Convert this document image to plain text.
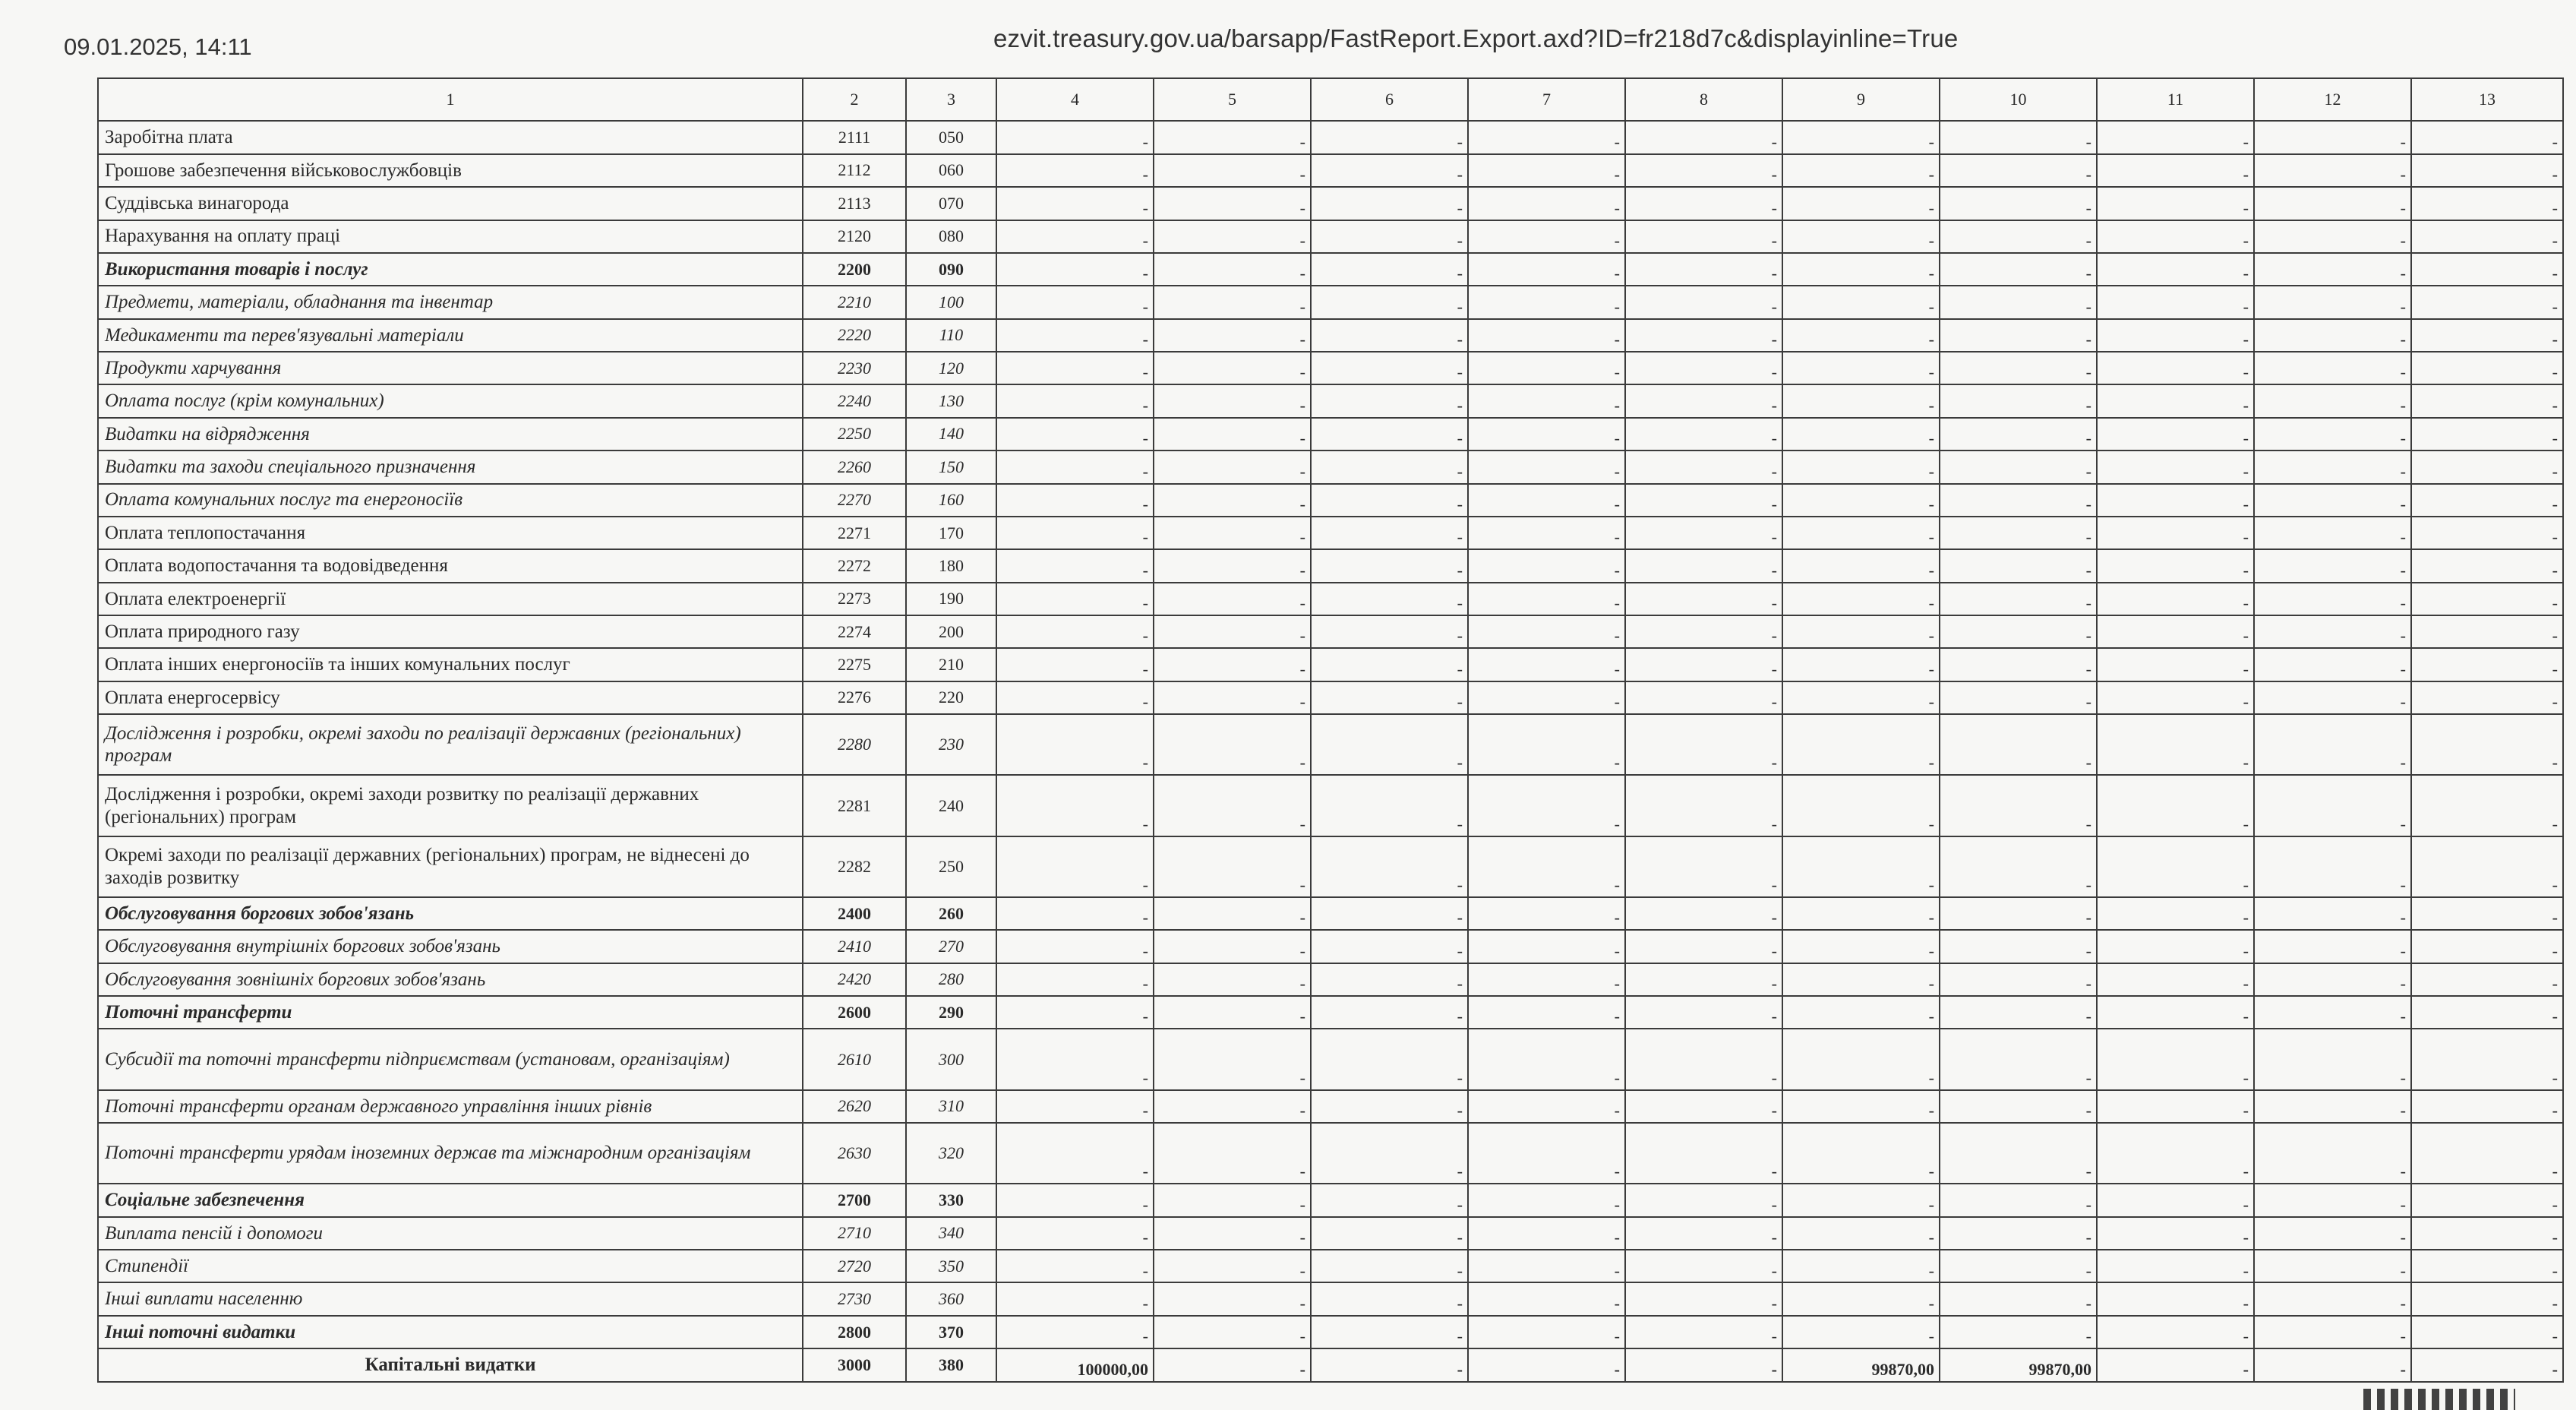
09.01.2025, 14:11	ezvit.treasury.gov.ua/barsapp/FastReport.Export.axd?ID=fr218d7c&displayinline=True
1	2	3	4	5	6	7	8	9	10	11	12	13
Заробітна плата	2111	050	-	-	-	-	-	-	-	-	-	-
Грошове забезпечення військовослужбовців	2112	060	-	-	-	-	-	-	-	-	-	-
Суддівська винагорода	2113	070	-	-	-	-	-	-	-	-	-	-
Нарахування на оплату праці	2120	080	-	-	-	-	-	-	-	-	-	-
Використання товарів і послуг	2200	090	-	-	-	-	-	-	-	-	-	-
Предмети, матеріали, обладнання та інвентар	2210	100	-	-	-	-	-	-	-	-	-	-
Медикаменти та перев'язувальні матеріали	2220	110	-	-	-	-	-	-	-	-	-	-
Продукти харчування	2230	120	-	-	-	-	-	-	-	-	-	-
Оплата послуг (крім комунальних)	2240	130	-	-	-	-	-	-	-	-	-	-
Видатки на відрядження	2250	140	-	-	-	-	-	-	-	-	-	-
Видатки та заходи спеціального призначення	2260	150	-	-	-	-	-	-	-	-	-	-
Оплата комунальних послуг та енергоносіїв	2270	160	-	-	-	-	-	-	-	-	-	-
Оплата теплопостачання	2271	170	-	-	-	-	-	-	-	-	-	-
Оплата водопостачання та водовідведення	2272	180	-	-	-	-	-	-	-	-	-	-
Оплата електроенергії	2273	190	-	-	-	-	-	-	-	-	-	-
Оплата природного газу	2274	200	-	-	-	-	-	-	-	-	-	-
Оплата інших енергоносіїв та інших комунальних послуг	2275	210	-	-	-	-	-	-	-	-	-	-
Оплата енергосервісу	2276	220	-	-	-	-	-	-	-	-	-	-
Дослідження і розробки, окремі заходи по реалізації державних (регіональних) програм	2280	230	-	-	-	-	-	-	-	-	-	-
Дослідження і розробки, окремі заходи розвитку по реалізації державних (регіональних) програм	2281	240	-	-	-	-	-	-	-	-	-	-
Окремі заходи по реалізації державних (регіональних) програм, не віднесені до заходів розвитку	2282	250	-	-	-	-	-	-	-	-	-	-
Обслуговування боргових зобов'язань	2400	260	-	-	-	-	-	-	-	-	-	-
Обслуговування внутрішніх боргових зобов'язань	2410	270	-	-	-	-	-	-	-	-	-	-
Обслуговування зовнішніх боргових зобов'язань	2420	280	-	-	-	-	-	-	-	-	-	-
Поточні трансферти	2600	290	-	-	-	-	-	-	-	-	-	-
Субсидії та поточні трансферти підприємствам (установам, організаціям)	2610	300	-	-	-	-	-	-	-	-	-	-
Поточні трансферти органам державного управління інших рівнів	2620	310	-	-	-	-	-	-	-	-	-	-
Поточні трансферти урядам іноземних держав та міжнародним організаціям	2630	320	-	-	-	-	-	-	-	-	-	-
Соціальне забезпечення	2700	330	-	-	-	-	-	-	-	-	-	-
Виплата пенсій і допомоги	2710	340	-	-	-	-	-	-	-	-	-	-
Стипендії	2720	350	-	-	-	-	-	-	-	-	-	-
Інші виплати населенню	2730	360	-	-	-	-	-	-	-	-	-	-
Інші поточні видатки	2800	370	-	-	-	-	-	-	-	-	-	-
Капітальні видатки	3000	380	100000,00	-	-	-	-	99870,00	99870,00	-	-	-
